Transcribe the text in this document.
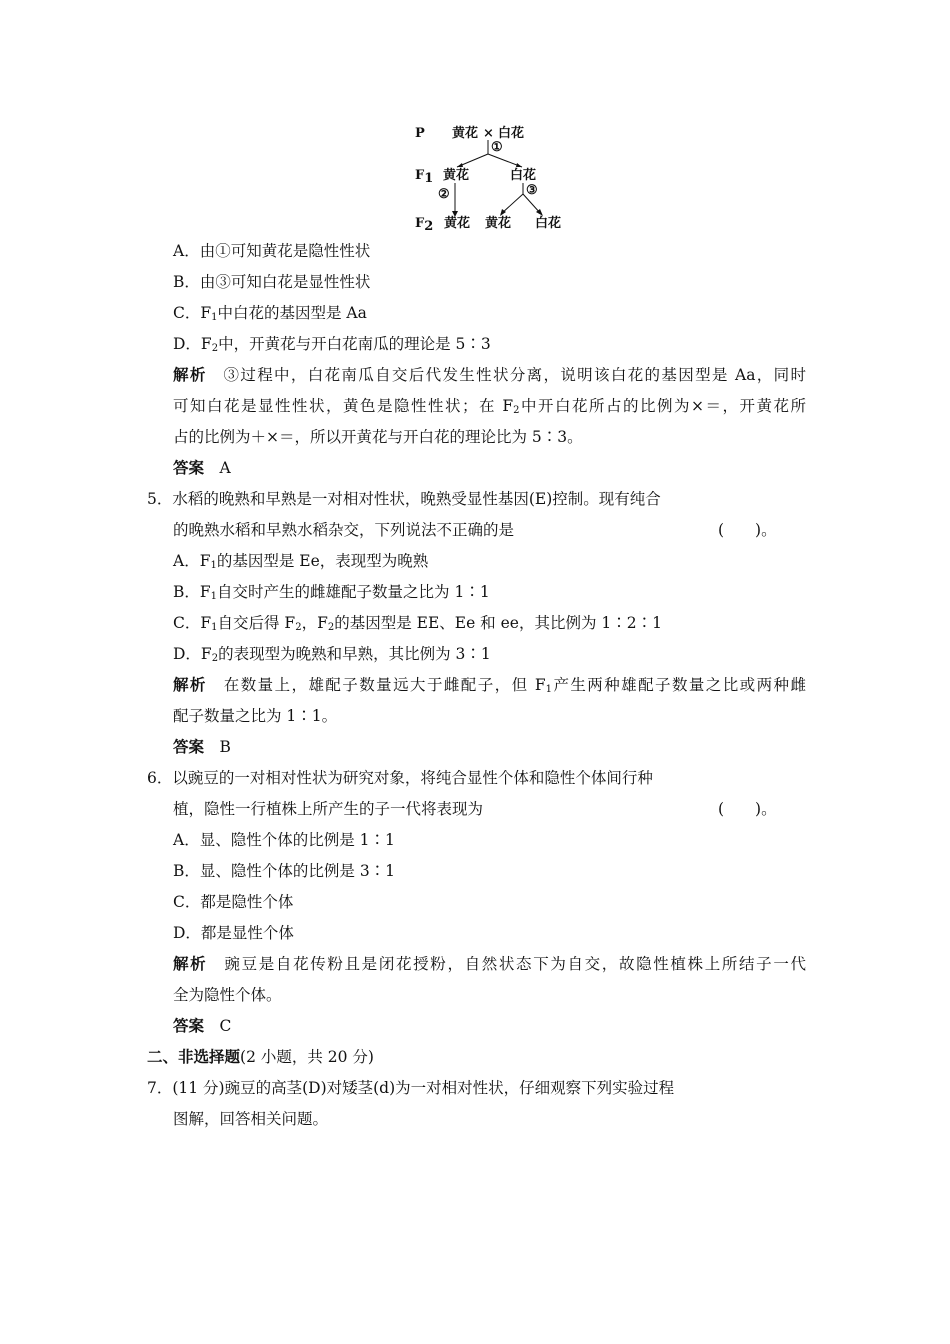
P 黄花 × 白花
①
F1 黄花	白花
②	③
F2 黄花 黄花 白花
A．由①可知黄花是隐性性状
B．由③可知白花是显性性状
C．$F_1$中白花的基因型是 Aa
D．$F_2$中，开黄花与开白花南瓜的理论是 5∶3
解析　 ③过程中，白花南瓜自交后代发生性状分离，说明该白花的基因型是 Aa，同时
可知白花是显性性状，黄色是隐性性状；在 $F_2$中开白花所占的比例为×＝，开黄花所
占的比例为＋×＝，所以开黄花与开白花的理论比为 5∶3。
答案　 A
5．水稻的晚熟和早熟是一对相对性状，晚熟受显性基因(E)控制。现有纯合
的晚熟水稻和早熟水稻杂交，下列说法不正确的是	(　　)。
A．$F_1$的基因型是 Ee，表现型为晚熟
B．$F_1$自交时产生的雌雄配子数量之比为 1∶1
C．$F_1$自交后得 $F_2$，$F_2$的基因型是 EE、Ee 和 ee，其比例为 1∶2∶1
D．$F_2$的表现型为晚熟和早熟，其比例为 3∶1
解析　 在数量上，雄配子数量远大于雌配子，但 $F_1$产生两种雄配子数量之比或两种雌
配子数量之比为 1∶1。
答案　 B
6．以豌豆的一对相对性状为研究对象，将纯合显性个体和隐性个体间行种
植，隐性一行植株上所产生的子一代将表现为	(　　)。
A．显、隐性个体的比例是 1∶1
B．显、隐性个体的比例是 3∶1
C．都是隐性个体
D．都是显性个体
解析　 豌豆是自花传粉且是闭花授粉，自然状态下为自交，故隐性植株上所结子一代
全为隐性个体。
答案　 C
二、非选择题(2 小题，共 20 分)
7．(11 分)豌豆的高茎(D)对矮茎(d)为一对相对性状，仔细观察下列实验过程
图解，回答相关问题。
